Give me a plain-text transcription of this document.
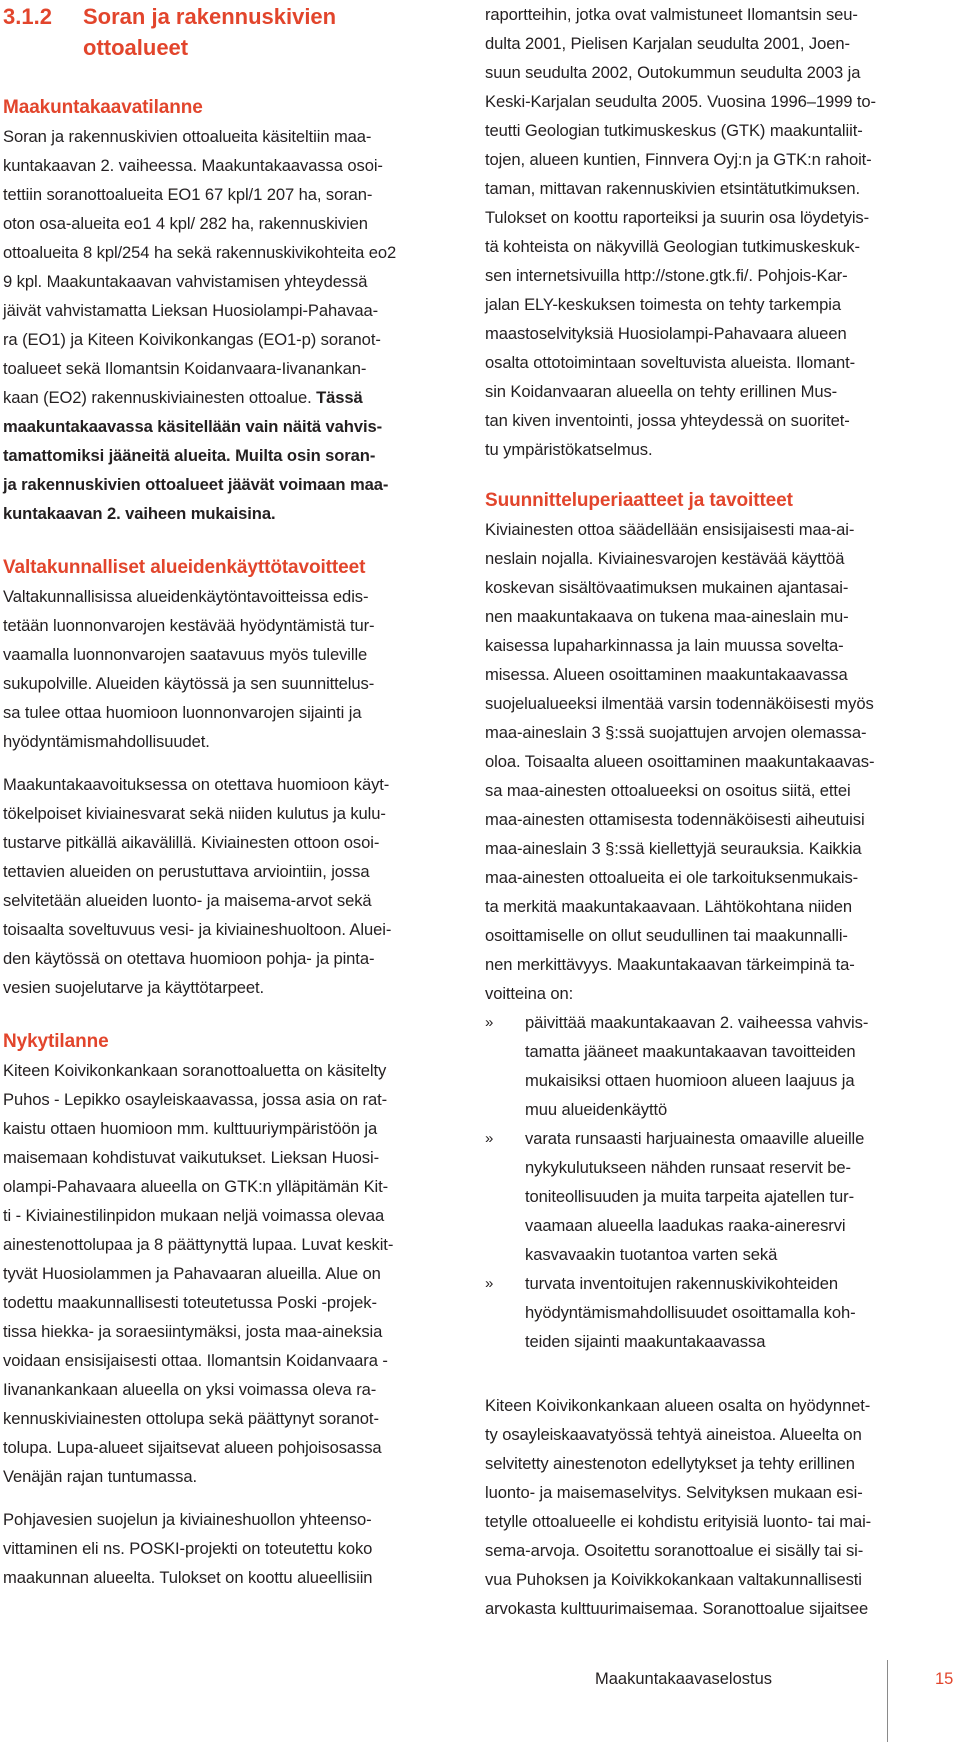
3.1.2 Soran ja rakennuskivien
ottoalueet
Maakuntakaavatilanne

Soran ja rakennuskivien ottoalueita käsiteltiin maa-

kuntakaavan 2. vaiheessa. Maakuntakaavassa osoi-

tettiin soranottoalueita EO1 67 kpl/1 207 ha, soran-

oton osa-alueita eo1 4 kpl/ 282 ha, rakennuskivien

ottoalueita 8 kpl/254 ha sekä rakennuskivikohteita eo2

9 kpl. Maakuntakaavan vahvistamisen yhteydessä

jäivät vahvistamatta Lieksan Huosiolampi-Pahavaa-

ra (EO1) ja Kiteen Koivikonkangas (EO1-p) soranot-

toalueet sekä Ilomantsin Koidanvaara-Iivanankan-

kaan (EO2) rakennuskiviainesten ottoalue. Tässä

maakuntakaavassa käsitellään vain näitä vahvis-

tamattomiksi jääneitä alueita. Muilta osin soran-

ja rakennuskivien ottoalueet jäävät voimaan maa-

kuntakaavan 2. vaiheen mukaisina.

Valtakunnalliset alueidenkäyttötavoitteet

Valtakunnallisissa alueidenkäytöntavoitteissa edis-

tetään luonnonvarojen kestävää hyödyntämistä tur-

vaamalla luonnonvarojen saatavuus myös tuleville

sukupolville. Alueiden käytössä ja sen suunnittelus-

sa tulee ottaa huomioon luonnonvarojen sijainti ja

hyödyntämismahdollisuudet.

Maakuntakaavoituksessa on otettava huomioon käyt-

tökelpoiset kiviainesvarat sekä niiden kulutus ja kulu-

tustarve pitkällä aikavälillä. Kiviainesten ottoon osoi-

tettavien alueiden on perustuttava arviointiin, jossa

selvitetään alueiden luonto- ja maisema-arvot sekä

toisaalta soveltuvuus vesi- ja kiviaineshuoltoon. Aluei-

den käytössä on otettava huomioon pohja- ja pinta-

vesien suojelutarve ja käyttötarpeet.

Nykytilanne

Kiteen Koivikonkankaan soranottoaluetta on käsitelty

Puhos - Lepikko osayleiskaavassa, jossa asia on rat-

kaistu ottaen huomioon mm. kulttuuriympäristöön ja

maisemaan kohdistuvat vaikutukset. Lieksan Huosi-

olampi-Pahavaara alueella on GTK:n ylläpitämän Kit-

ti - Kiviainestilinpidon mukaan neljä voimassa olevaa

ainestenottolupaa ja 8 päättynyttä lupaa. Luvat keskit-

tyvät Huosiolammen ja Pahavaaran alueilla. Alue on

todettu maakunnallisesti toteutetussa Poski -projek-

tissa hiekka- ja soraesiintymäksi, josta maa-aineksia

voidaan ensisijaisesti ottaa. Ilomantsin Koidanvaara -

Iivanankankaan alueella on yksi voimassa oleva ra-

kennuskiviainesten ottolupa sekä päättynyt soranot-

tolupa. Lupa-alueet sijaitsevat alueen pohjoisosassa

Venäjän rajan tuntumassa.

Pohjavesien suojelun ja kiviaineshuollon yhteensо-

vittaminen eli ns. POSKI-projekti on toteutettu koko

maakunnan alueelta. Tulokset on koottu alueellisiin

raportteihin, jotka ovat valmistuneet Ilomantsin seu-

dulta 2001, Pielisen Karjalan seudulta 2001, Joen-

suun seudulta 2002, Outokummun seudulta 2003 ja

Keski-Karjalan seudulta 2005. Vuosina 1996–1999 to-

teutti Geologian tutkimuskeskus (GTK) maakuntaliit-

tojen, alueen kuntien, Finnvera Oyj:n ja GTK:n rahoit-

taman, mittavan rakennuskivien etsintätutkimuksen.

Tulokset on koottu raporteiksi ja suurin osa löydetyis-

tä kohteista on näkyvillä Geologian tutkimuskeskuk-

sen internetsivuilla http://stone.gtk.fi/. Pohjois-Kar-

jalan ELY-keskuksen toimesta on tehty tarkempia

maastoselvityksiä Huosiolampi-Pahavaara alueen

osalta ottotoimintaan soveltuvista alueista. Ilomant-

sin Koidanvaaran alueella on tehty erillinen Mus-

tan kiven inventointi, jossa yhteydessä on suoritet-

tu ympäristökatselmus.

Suunnitteluperiaatteet ja tavoitteet

Kiviainesten ottoa säädellään ensisijaisesti maa-ai-

neslain nojalla. Kiviainesvarojen kestävää käyttöä

koskevan sisältövaatimuksen mukainen ajantasai-

nen maakuntakaava on tukena maa-aineslain mu-

kaisessa lupaharkinnassa ja lain muussa sovelta-

misessa. Alueen osoittaminen maakuntakaavassa

suojelualueeksi ilmentää varsin todennäköisesti myös

maa-aineslain 3 §:ssä suojattujen arvojen olemassa-

oloa. Toisaalta alueen osoittaminen maakuntakaavas-

sa maa-ainesten ottoalueeksi on osoitus siitä, ettei

maa-ainesten ottamisesta todennäköisesti aiheutuisi

maa-aineslain 3 §:ssä kiellettyjä seurauksia. Kaikkia

maa-ainesten ottoalueita ei ole tarkoituksenmukais-

ta merkitä maakuntakaavaan. Lähtökohtana niiden

osoittamiselle on ollut seudullinen tai maakunnalli-

nen merkittävyys. Maakuntakaavan tärkeimpinä ta-

voitteina on:

» päivittää maakuntakaavan 2. vaiheessa vahvis-

tamatta jääneet maakuntakaavan tavoitteiden

mukaisiksi ottaen huomioon alueen laajuus ja

muu alueidenkäyttö

» varata runsaasti harjuainesta omaaville alueille

nykykulutukseen nähden runsaat reservit be-

toniteollisuuden ja muita tarpeita ajatellen tur-

vaamaan alueella laadukas raaka-aineresrvi

kasvavaakin tuotantoa varten sekä

» turvata inventoitujen rakennuskivikohteiden

hyödyntämismahdollisuudet osoittamalla koh-

teiden sijainti maakuntakaavassa

Kiteen Koivikonkankaan alueen osalta on hyödynnet-

ty osayleiskaavatyössä tehtyä aineistoa. Alueelta on

selvitetty ainestenoton edellytykset ja tehty erillinen

luonto- ja maisemaselvitys. Selvityksen mukaan esi-

tetylle ottoalueelle ei kohdistu erityisiä luonto- tai mai-

sema-arvoja. Osoitettu soranottoalue ei sisälly tai si-

vua Puhoksen ja Koivikkokankaan valtakunnallisesti

arvokasta kulttuurimaisemaa. Soranottoalue sijaitsee

Maakuntakaavaselostus	15
